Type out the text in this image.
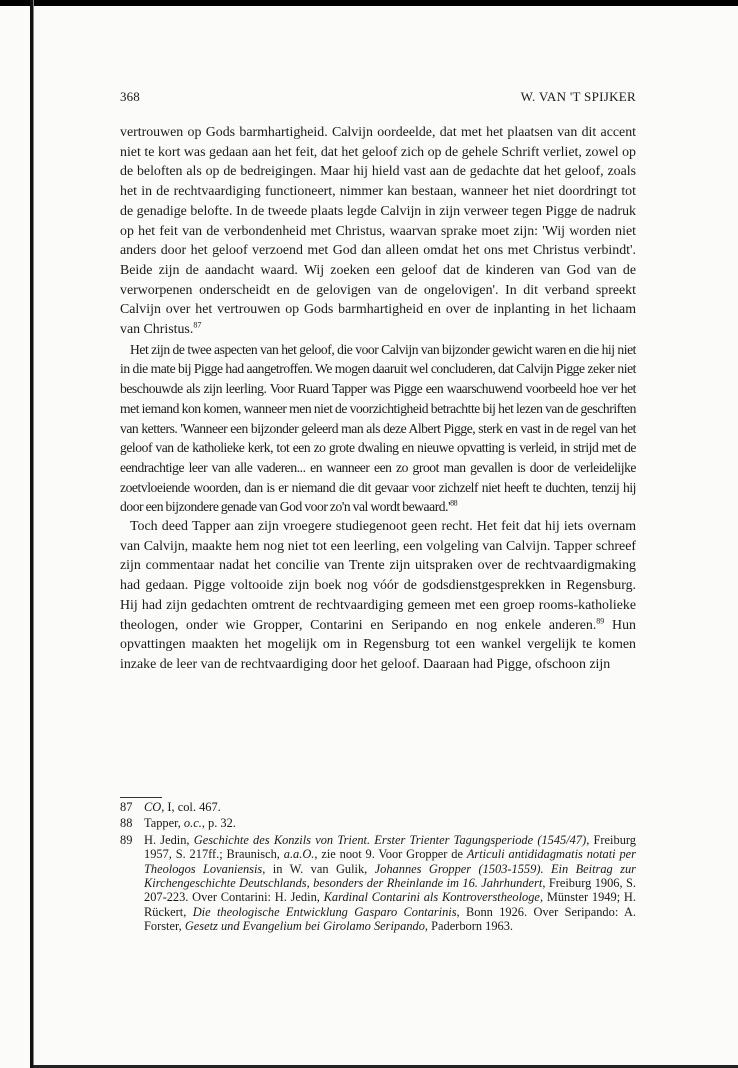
368	W. VAN 'T SPIJKER

vertrouwen op Gods barmhartigheid. Calvijn oordeelde, dat met het plaatsen van dit accent niet te kort was gedaan aan het feit, dat het geloof zich op de gehele Schrift verliet, zowel op de beloften als op de bedreigingen. Maar hij hield vast aan de gedachte dat het geloof, zoals het in de rechtvaardiging functioneert, nimmer kan bestaan, wanneer het niet doordringt tot de genadige belofte. In de tweede plaats legde Calvijn in zijn verweer tegen Pigge de nadruk op het feit van de verbondenheid met Christus, waarvan sprake moet zijn: 'Wij worden niet anders door het geloof verzoend met God dan alleen omdat het ons met Christus verbindt'. Beide zijn de aandacht waard. Wij zoeken een geloof dat de kinderen van God van de verworpenen onderscheidt en de gelovigen van de ongelovigen'. In dit verband spreekt Calvijn over het vertrouwen op Gods barmhartigheid en over de inplanting in het lichaam van Christus.$^{87}$

Het zijn de twee aspecten van het geloof, die voor Calvijn van bijzonder gewicht waren en die hij niet in die mate bij Pigge had aangetroffen. We mogen daaruit wel concluderen, dat Calvijn Pigge zeker niet beschouwde als zijn leerling. Voor Ruard Tapper was Pigge een waarschuwend voorbeeld hoe ver het met iemand kon komen, wanneer men niet de voorzichtigheid betrachtte bij het lezen van de geschriften van ketters. 'Wanneer een bijzonder geleerd man als deze Albert Pigge, sterk en vast in de regel van het geloof van de katholieke kerk, tot een zo grote dwaling en nieuwe opvatting is verleid, in strijd met de eendrachtige leer van alle vaderen... en wanneer een zo groot man gevallen is door de verleidelijke zoetvloeiende woorden, dan is er niemand die dit gevaar voor zichzelf niet heeft te duchten, tenzij hij door een bijzondere genade van God voor zo'n val wordt bewaard.'$^{88}$

Toch deed Tapper aan zijn vroegere studiegenoot geen recht. Het feit dat hij iets overnam van Calvijn, maakte hem nog niet tot een leerling, een volgeling van Calvijn. Tapper schreef zijn commentaar nadat het concilie van Trente zijn uitspraken over de rechtvaardigmaking had gedaan. Pigge voltooide zijn boek nog vóór de godsdienstgesprekken in Regensburg. Hij had zijn gedachten omtrent de rechtvaardiging gemeen met een groep rooms-katholieke theologen, onder wie Gropper, Contarini en Seripando en nog enkele anderen.$^{89}$ Hun opvattingen maakten het mogelijk om in Regensburg tot een wankel vergelijk te komen inzake de leer van de rechtvaardiging door het geloof. Daaraan had Pigge, ofschoon zijn

87 CO, I, col. 467.
88 Tapper, o.c., p. 32.
89 H. Jedin, Geschichte des Konzils von Trient. Erster Trienter Tagungsperiode (1545/47), Freiburg 1957, S. 217ff.; Braunisch, a.a.O., zie noot 9. Voor Gropper de Articuli antididagmatis notati per Theologos Lovaniensis, in W. van Gulik, Johannes Gropper (1503-1559). Ein Beitrag zur Kirchengeschichte Deutschlands, besonders der Rheinlande im 16. Jahrhundert, Freiburg 1906, S. 207-223. Over Contarini: H. Jedin, Kardinal Contarini als Kontroverstheologe, Münster 1949; H. Rückert, Die theologische Entwicklung Gasparo Contarinis, Bonn 1926. Over Seripando: A. Forster, Gesetz und Evangelium bei Girolamo Seripando, Paderborn 1963.
